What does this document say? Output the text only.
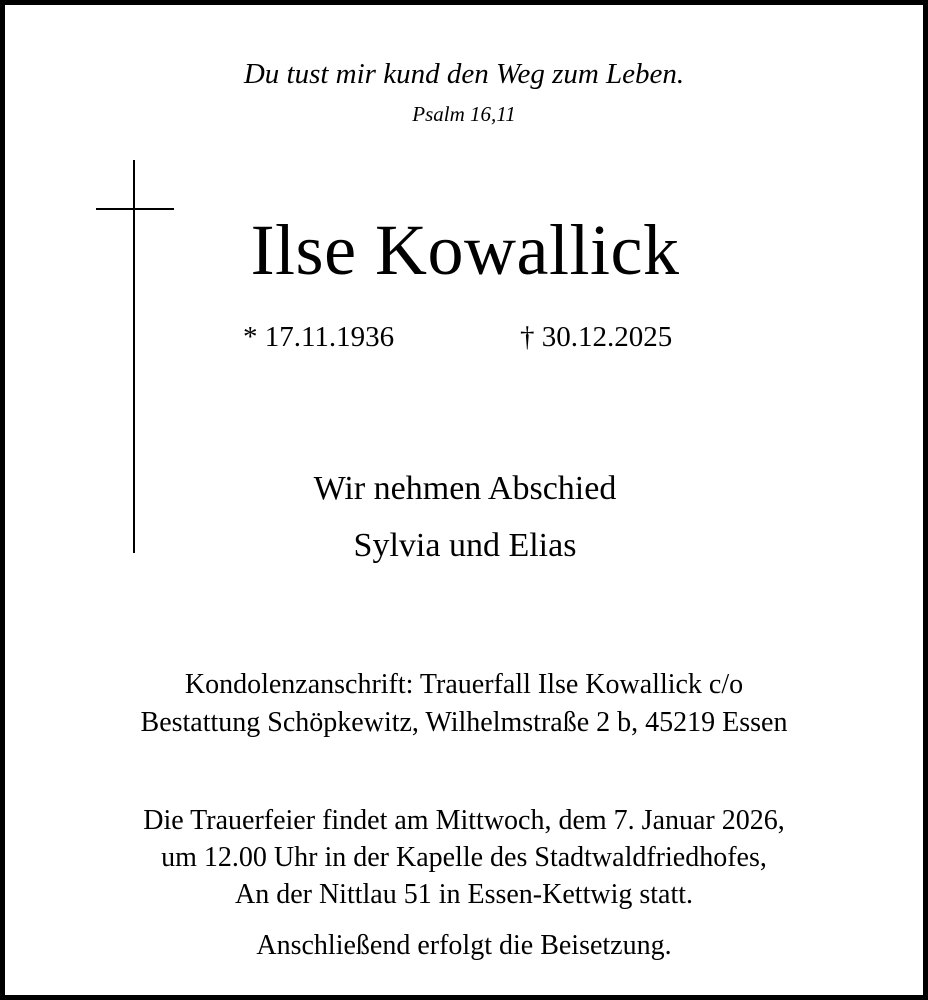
Du tust mir kund den Weg zum Leben.
Psalm 16,11
Ilse Kowallick
* 17.11.1936	† 30.12.2025
Wir nehmen Abschied
Sylvia und Elias
Kondolenzanschrift: Trauerfall Ilse Kowallick c/o
Bestattung Schöpkewitz, Wilhelmstraße 2 b, 45219 Essen
Die Trauerfeier findet am Mittwoch, dem 7. Januar 2026,
um 12.00 Uhr in der Kapelle des Stadtwaldfriedhofes,
An der Nittlau 51 in Essen-Kettwig statt.
Anschließend erfolgt die Beisetzung.
